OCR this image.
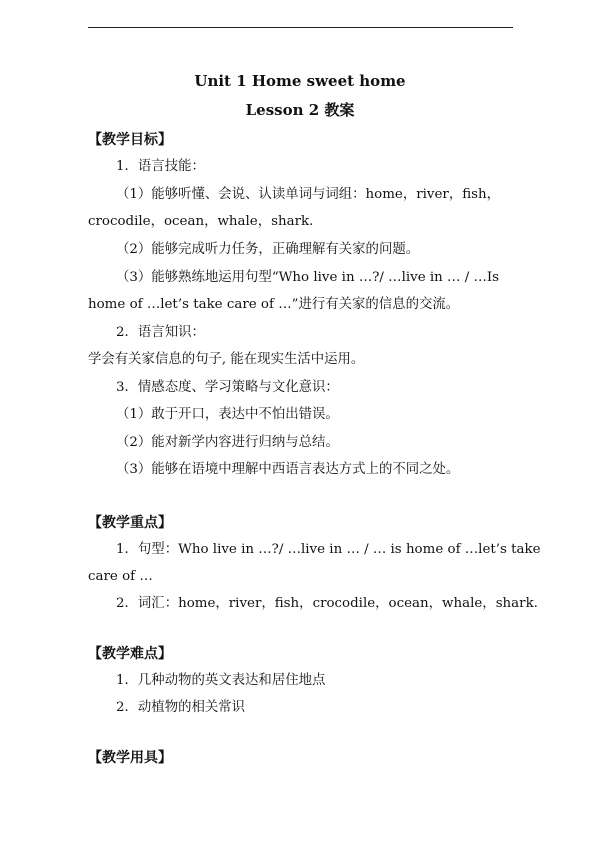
Unit 1 Home sweet home
Lesson 2 教案
【教学目标】
1．语言技能：
（1）能够听懂、会说、认读单词与词组：home，river，fish，
crocodile，ocean，whale，shark.
（2）能够完成听力任务，正确理解有关家的问题。
（3）能够熟练地运用句型“Who live in …?/ …live in … / …Is
home of …let’s take care of …”进行有关家的信息的交流。
2．语言知识：
学会有关家信息的句子, 能在现实生活中运用。
3．情感态度、学习策略与文化意识：
（1）敢于开口，表达中不怕出错误。
（2）能对新学内容进行归纳与总结。
（3）能够在语境中理解中西语言表达方式上的不同之处。
【教学重点】
1．句型：Who live in …?/ …live in … / … is home of …let’s take
care of …
2．词汇：home，river，fish，crocodile，ocean，whale，shark.
【教学难点】
1．几种动物的英文表达和居住地点
2．动植物的相关常识
【教学用具】
